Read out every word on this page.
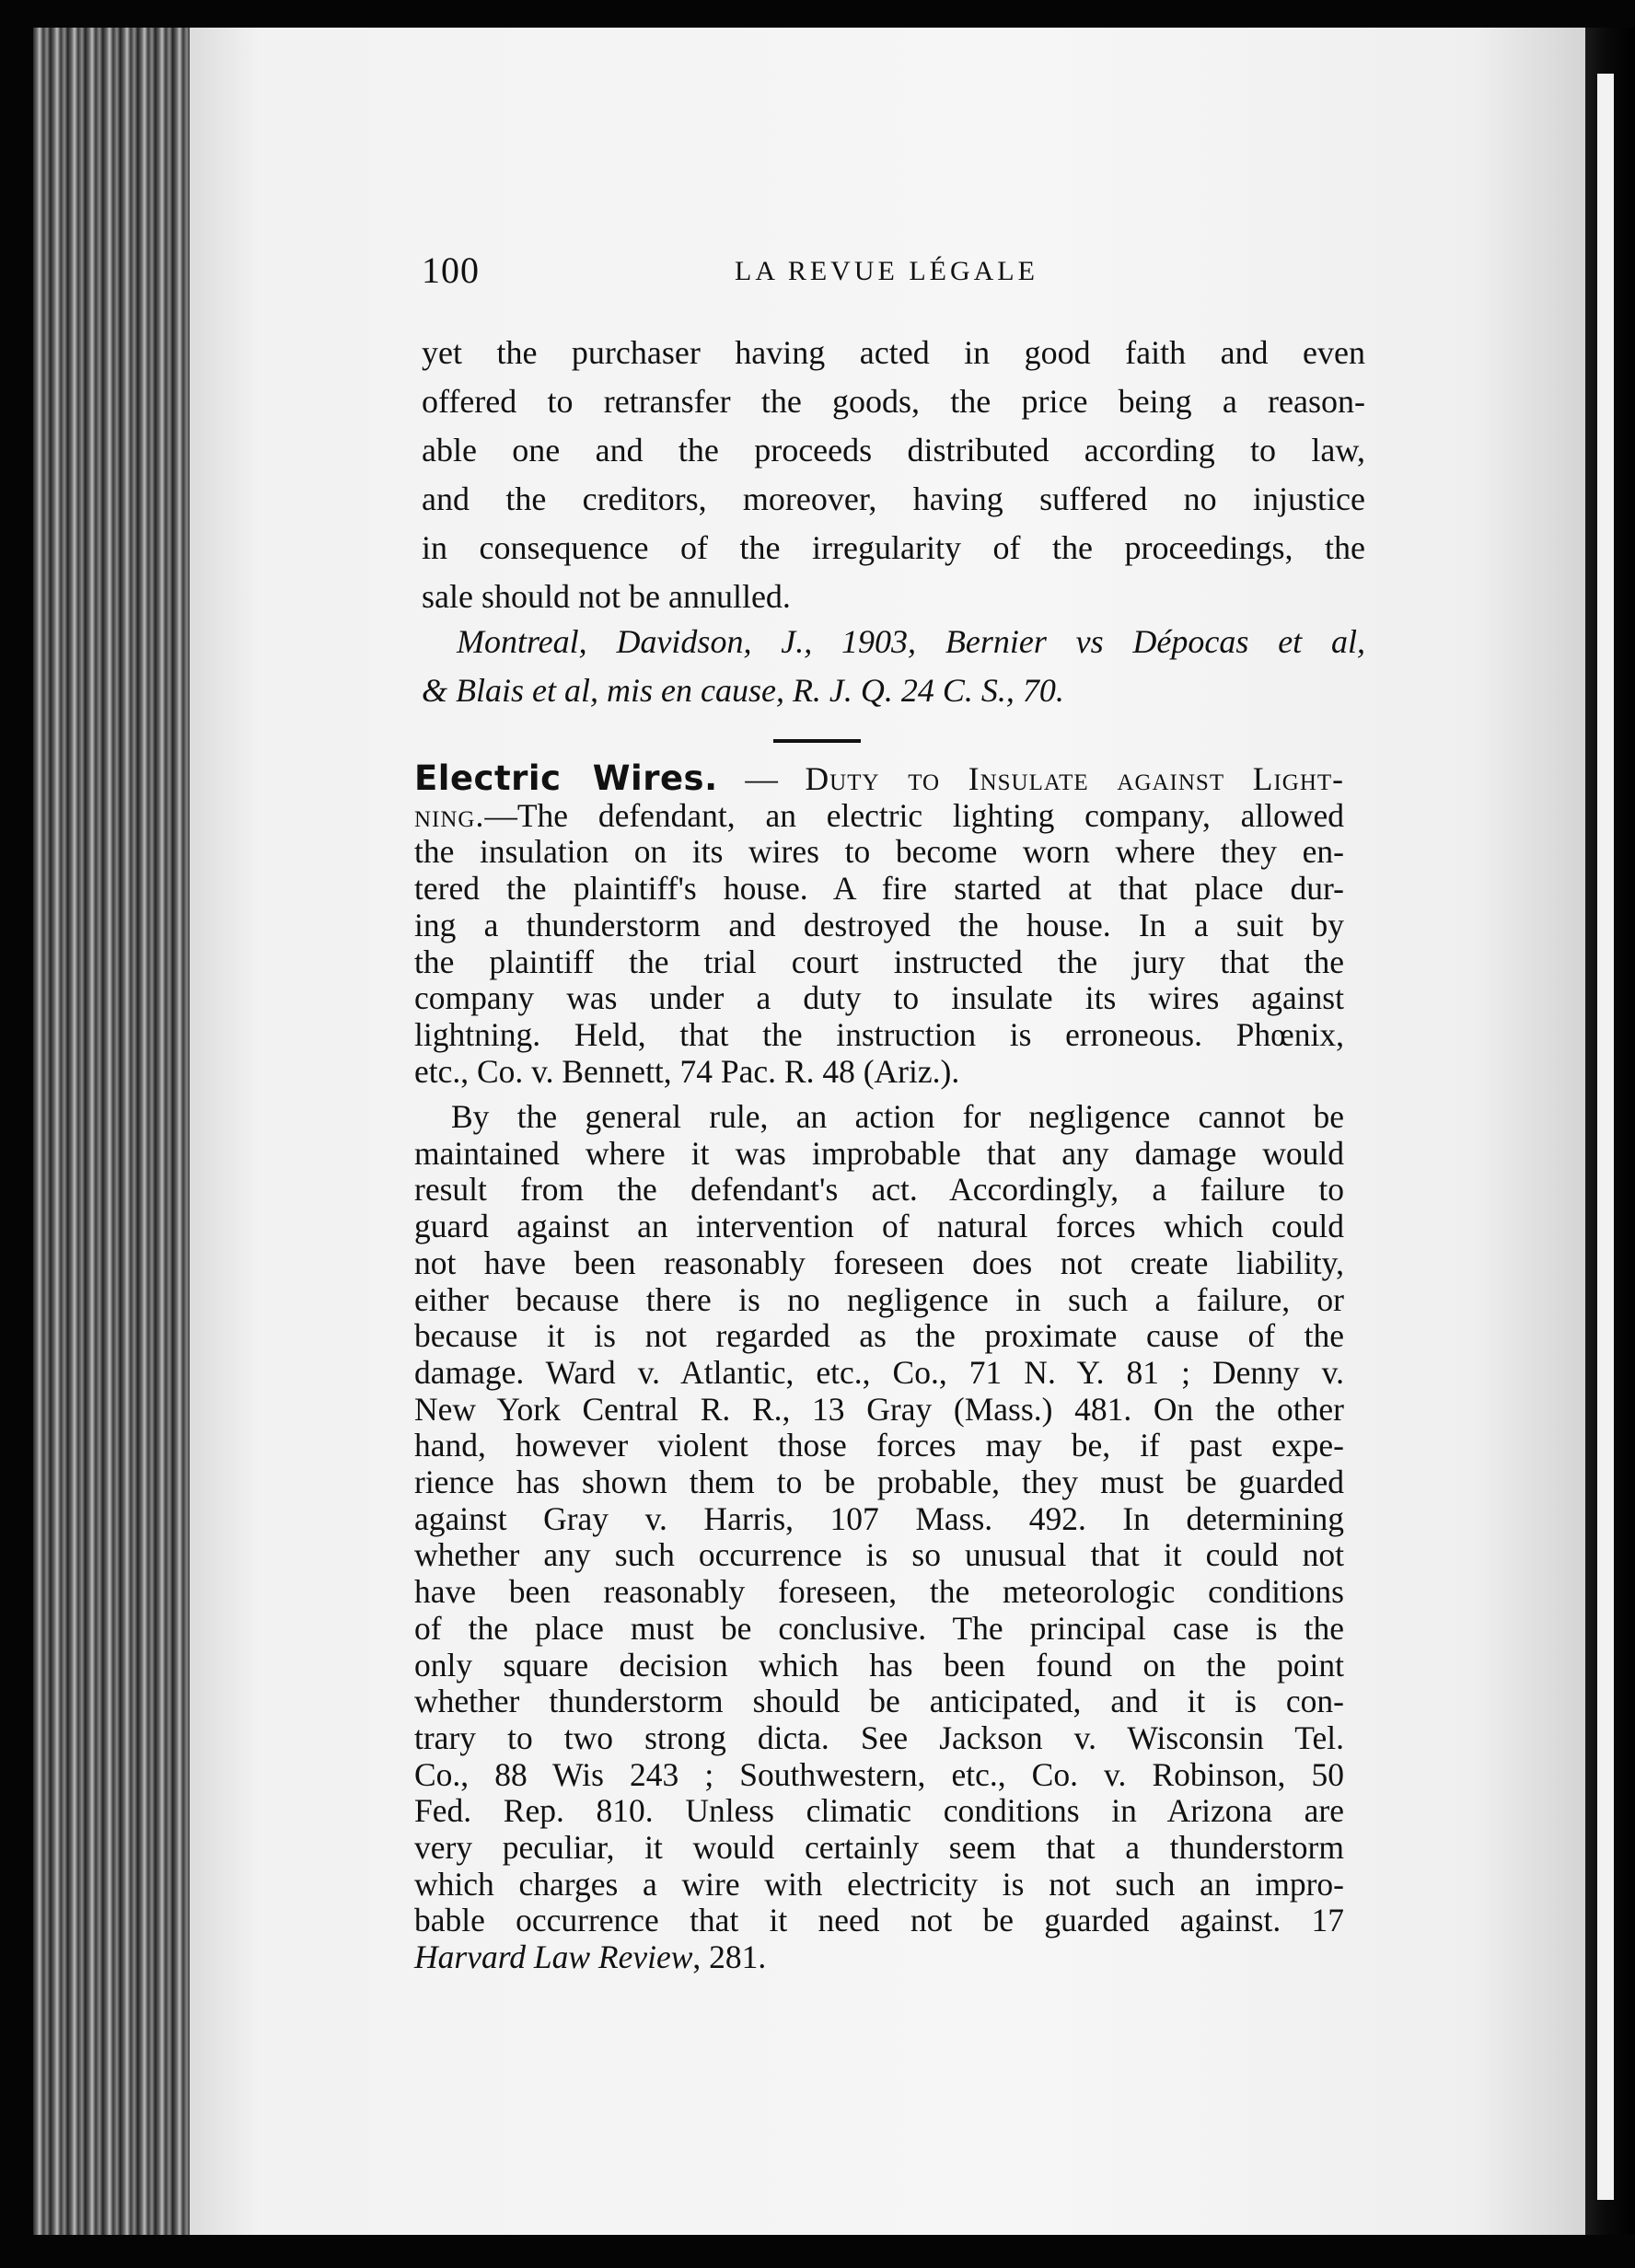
100	LA REVUE LÉGALE
yet the purchaser having acted in good faith and even
offered to retransfer the goods, the price being a reason-
able one and the proceeds distributed according to law,
and the creditors, moreover, having suffered no injustice
in consequence of the irregularity of the proceedings, the
sale should not be annulled.
Montreal, Davidson, J., 1903, Bernier vs Dépocas et al,
& Blais et al, mis en cause, R. J. Q. 24 C. S., 70.
Electric Wires. — Duty to Insulate against Light-
ning.—The defendant, an electric lighting company, allowed
the insulation on its wires to become worn where they en-
tered the plaintiff's house. A fire started at that place dur-
ing a thunderstorm and destroyed the house. In a suit by
the plaintiff the trial court instructed the jury that the
company was under a duty to insulate its wires against
lightning. Held, that the instruction is erroneous. Phœnix,
etc., Co. v. Bennett, 74 Pac. R. 48 (Ariz.).
By the general rule, an action for negligence cannot be
maintained where it was improbable that any damage would
result from the defendant's act. Accordingly, a failure to
guard against an intervention of natural forces which could
not have been reasonably foreseen does not create liability,
either because there is no negligence in such a failure, or
because it is not regarded as the proximate cause of the
damage. Ward v. Atlantic, etc., Co., 71 N. Y. 81 ; Denny v.
New York Central R. R., 13 Gray (Mass.) 481. On the other
hand, however violent those forces may be, if past expe-
rience has shown them to be probable, they must be guarded
against Gray v. Harris, 107 Mass. 492. In determining
whether any such occurrence is so unusual that it could not
have been reasonably foreseen, the meteorologic conditions
of the place must be conclusive. The principal case is the
only square decision which has been found on the point
whether thunderstorm should be anticipated, and it is con-
trary to two strong dicta. See Jackson v. Wisconsin Tel.
Co., 88 Wis 243 ; Southwestern, etc., Co. v. Robinson, 50
Fed. Rep. 810. Unless climatic conditions in Arizona are
very peculiar, it would certainly seem that a thunderstorm
which charges a wire with electricity is not such an impro-
bable occurrence that it need not be guarded against. 17
Harvard Law Review, 281.
